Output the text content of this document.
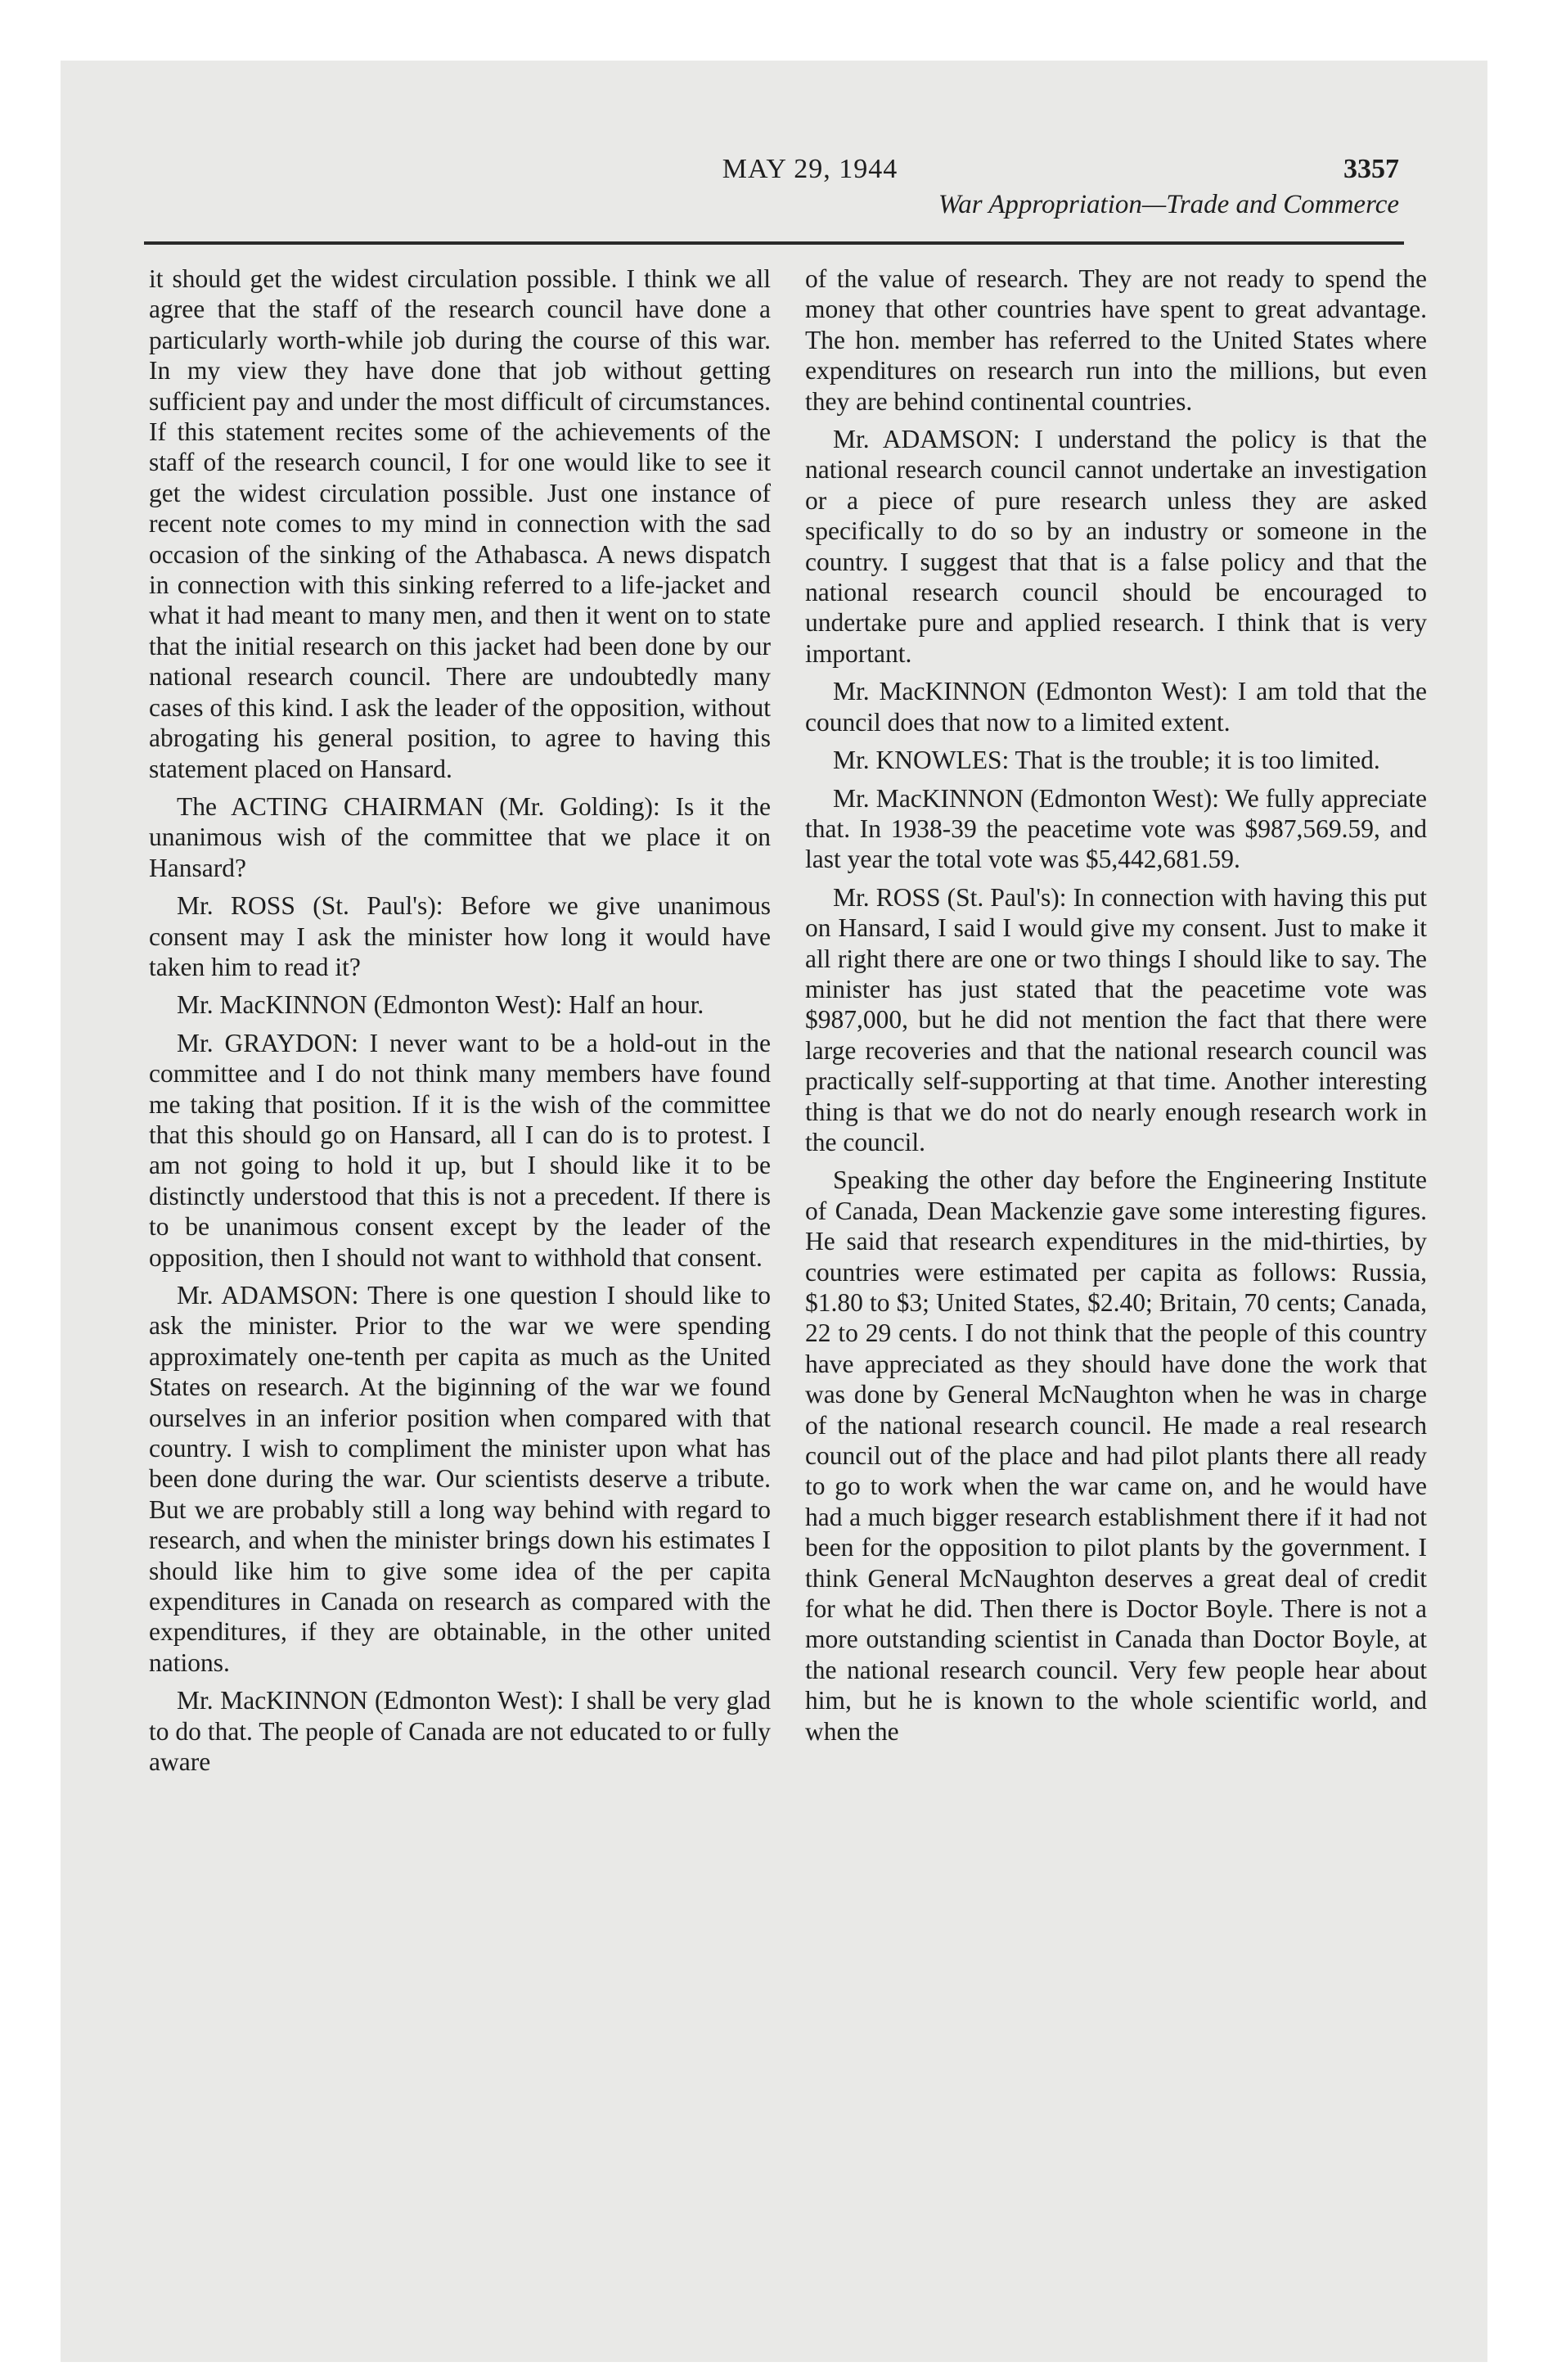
MAY 29, 1944	3357
War Appropriation—Trade and Commerce

it should get the widest circulation possible. I think we all agree that the staff of the research council have done a particularly worth-while job during the course of this war. In my view they have done that job without getting sufficient pay and under the most difficult of circumstances. If this statement recites some of the achievements of the staff of the research council, I for one would like to see it get the widest circulation possible. Just one instance of recent note comes to my mind in connection with the sad occasion of the sinking of the Athabasca. A news dispatch in connection with this sinking referred to a life-jacket and what it had meant to many men, and then it went on to state that the initial research on this jacket had been done by our national research council. There are undoubtedly many cases of this kind. I ask the leader of the opposition, without abrogating his general position, to agree to having this statement placed on Hansard.

The ACTING CHAIRMAN (Mr. Golding): Is it the unanimous wish of the committee that we place it on Hansard?

Mr. ROSS (St. Paul's): Before we give unanimous consent may I ask the minister how long it would have taken him to read it?

Mr. MacKINNON (Edmonton West): Half an hour.

Mr. GRAYDON: I never want to be a hold-out in the committee and I do not think many members have found me taking that position. If it is the wish of the committee that this should go on Hansard, all I can do is to protest. I am not going to hold it up, but I should like it to be distinctly understood that this is not a precedent. If there is to be unanimous consent except by the leader of the opposition, then I should not want to withhold that consent.

Mr. ADAMSON: There is one question I should like to ask the minister. Prior to the war we were spending approximately one-tenth per capita as much as the United States on research. At the biginning of the war we found ourselves in an inferior position when compared with that country. I wish to compliment the minister upon what has been done during the war. Our scientists deserve a tribute. But we are probably still a long way behind with regard to research, and when the minister brings down his estimates I should like him to give some idea of the per capita expenditures in Canada on research as compared with the expenditures, if they are obtainable, in the other united nations.

Mr. MacKINNON (Edmonton West): I shall be very glad to do that. The people of Canada are not educated to or fully aware

of the value of research. They are not ready to spend the money that other countries have spent to great advantage. The hon. member has referred to the United States where expenditures on research run into the millions, but even they are behind continental countries.

Mr. ADAMSON: I understand the policy is that the national research council cannot undertake an investigation or a piece of pure research unless they are asked specifically to do so by an industry or someone in the country. I suggest that that is a false policy and that the national research council should be encouraged to undertake pure and applied research. I think that is very important.

Mr. MacKINNON (Edmonton West): I am told that the council does that now to a limited extent.

Mr. KNOWLES: That is the trouble; it is too limited.

Mr. MacKINNON (Edmonton West): We fully appreciate that. In 1938-39 the peacetime vote was $987,569.59, and last year the total vote was $5,442,681.59.

Mr. ROSS (St. Paul's): In connection with having this put on Hansard, I said I would give my consent. Just to make it all right there are one or two things I should like to say. The minister has just stated that the peacetime vote was $987,000, but he did not mention the fact that there were large recoveries and that the national research council was practically self-supporting at that time. Another interesting thing is that we do not do nearly enough research work in the council.

Speaking the other day before the Engineering Institute of Canada, Dean Mackenzie gave some interesting figures. He said that research expenditures in the mid-thirties, by countries were estimated per capita as follows: Russia, $1.80 to $3; United States, $2.40; Britain, 70 cents; Canada, 22 to 29 cents. I do not think that the people of this country have appreciated as they should have done the work that was done by General McNaughton when he was in charge of the national research council. He made a real research council out of the place and had pilot plants there all ready to go to work when the war came on, and he would have had a much bigger research establishment there if it had not been for the opposition to pilot plants by the government. I think General McNaughton deserves a great deal of credit for what he did. Then there is Doctor Boyle. There is not a more outstanding scientist in Canada than Doctor Boyle, at the national research council. Very few people hear about him, but he is known to the whole scientific world, and when the
